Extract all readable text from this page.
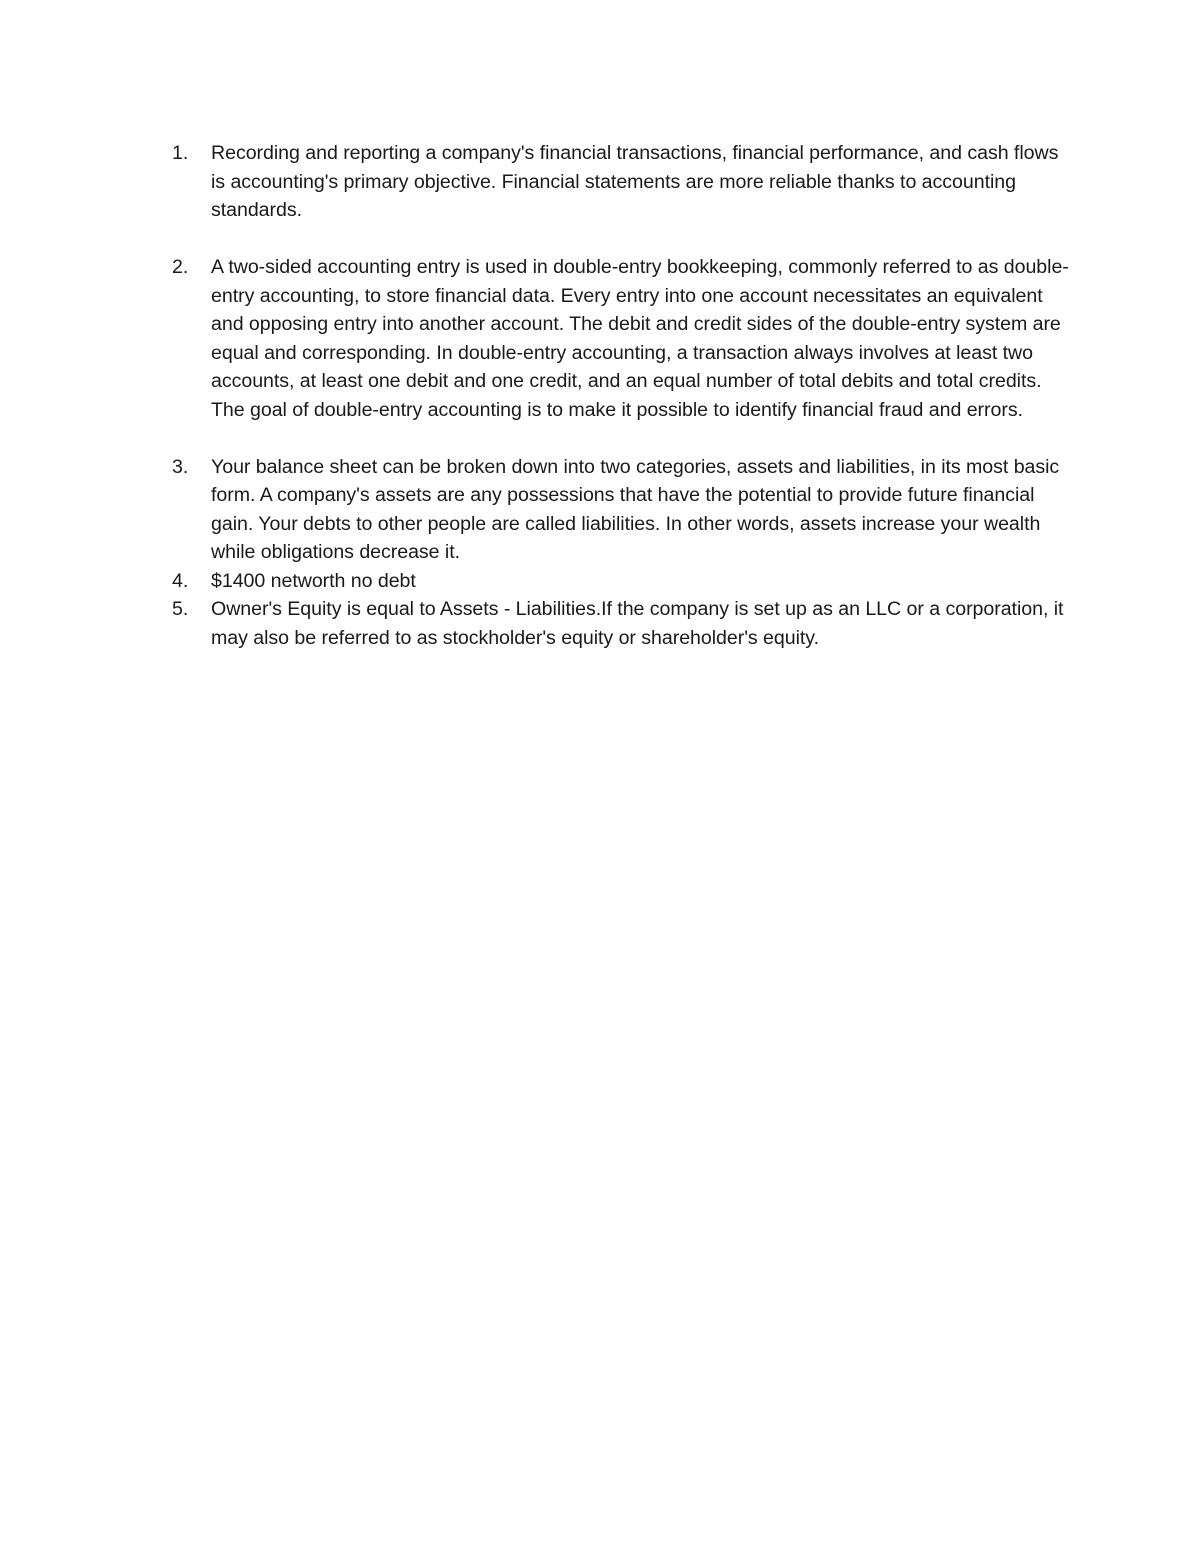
1.	Recording and reporting a company's financial transactions, financial performance, and cash flows is accounting's primary objective. Financial statements are more reliable thanks to accounting standards.
2.	A two-sided accounting entry is used in double-entry bookkeeping, commonly referred to as double-entry accounting, to store financial data. Every entry into one account necessitates an equivalent and opposing entry into another account. The debit and credit sides of the double-entry system are equal and corresponding. In double-entry accounting, a transaction always involves at least two accounts, at least one debit and one credit, and an equal number of total debits and total credits. The goal of double-entry accounting is to make it possible to identify financial fraud and errors.
3.	Your balance sheet can be broken down into two categories, assets and liabilities, in its most basic form. A company's assets are any possessions that have the potential to provide future financial gain. Your debts to other people are called liabilities. In other words, assets increase your wealth while obligations decrease it.
4.	$1400 networth no debt
5.	Owner's Equity is equal to Assets - Liabilities.If the company is set up as an LLC or a corporation, it may also be referred to as stockholder's equity or shareholder's equity.
